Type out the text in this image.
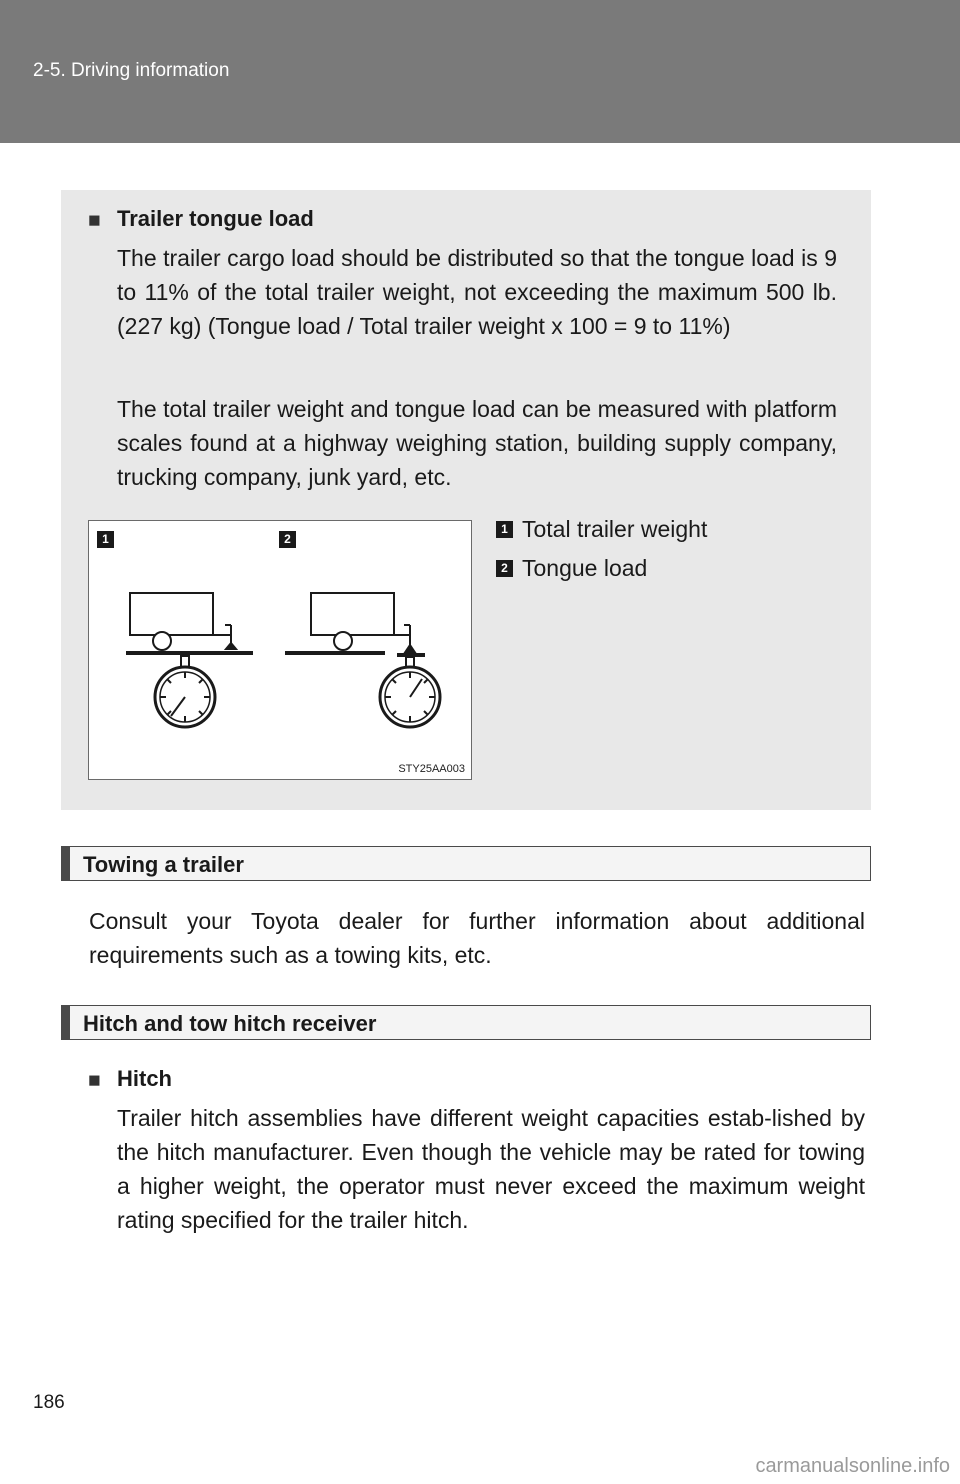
2-5. Driving information
■ Trailer tongue load

The trailer cargo load should be distributed so that the tongue load is 9 to 11% of the total trailer weight, not exceeding the maximum 500 lb. (227 kg) (Tongue load / Total trailer weight x 100 = 9 to 11%)

The total trailer weight and tongue load can be measured with platform scales found at a highway weighing station, building supply company, trucking company, junk yard, etc.

1	2
STY25AA003
1 Total trailer weight
2 Tongue load
Towing a trailer

Consult your Toyota dealer for further information about additional requirements such as a towing kits, etc.

Hitch and tow hitch receiver
■ Hitch

Trailer hitch assemblies have different weight capacities estab-lished by the hitch manufacturer. Even though the vehicle may be rated for towing a higher weight, the operator must never exceed the maximum weight rating specified for the trailer hitch.

186
carmanualsonline.info
